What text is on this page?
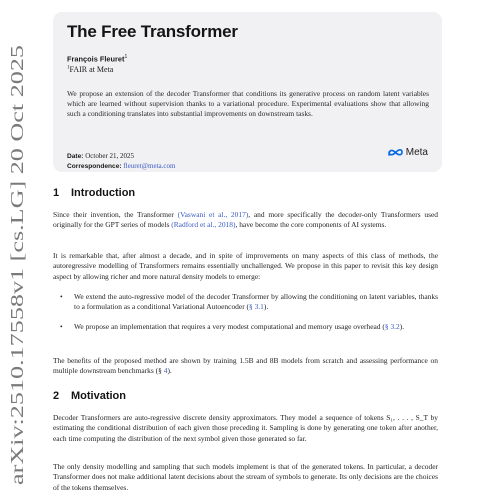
arXiv:2510.17558v1 [cs.LG] 20 Oct 2025
The Free Transformer
François Fleuret$^1$
$^1$FAIR at Meta
We propose an extension of the decoder Transformer that conditions its generative process on random latent variables which are learned without supervision thanks to a variational procedure. Experimental evaluations show that allowing such a conditioning translates into substantial improvements on downstream tasks.
Date: October 21, 2025
Correspondence: fleuret@meta.com
Meta
1 Introduction

Since their invention, the Transformer (Vaswani et al., 2017), and more specifically the decoder-only Transformers used originally for the GPT series of models (Radford et al., 2018), have become the core components of AI systems.

It is remarkable that, after almost a decade, and in spite of improvements on many aspects of this class of methods, the autoregressive modelling of Transformers remains essentially unchallenged. We propose in this paper to revisit this key design aspect by allowing richer and more natural density models to emerge:

• We extend the auto-regressive model of the decoder Transformer by allowing the conditioning on latent variables, thanks to a formulation as a conditional Variational Autoencoder (§ 3.1).
• We propose an implementation that requires a very modest computational and memory usage overhead (§ 3.2).

The benefits of the proposed method are shown by training 1.5B and 8B models from scratch and assessing performance on multiple downstream benchmarks (§ 4).

2 Motivation

Decoder Transformers are auto-regressive discrete density approximators. They model a sequence of tokens S₁, . . . , S_T by estimating the conditional distribution of each given those preceding it. Sampling is done by generating one token after another, each time computing the distribution of the next symbol given those generated so far.

The only density modelling and sampling that such models implement is that of the generated tokens. In particular, a decoder Transformer does not make additional latent decisions about the stream of symbols to generate. Its only decisions are the choices of the tokens themselves.
